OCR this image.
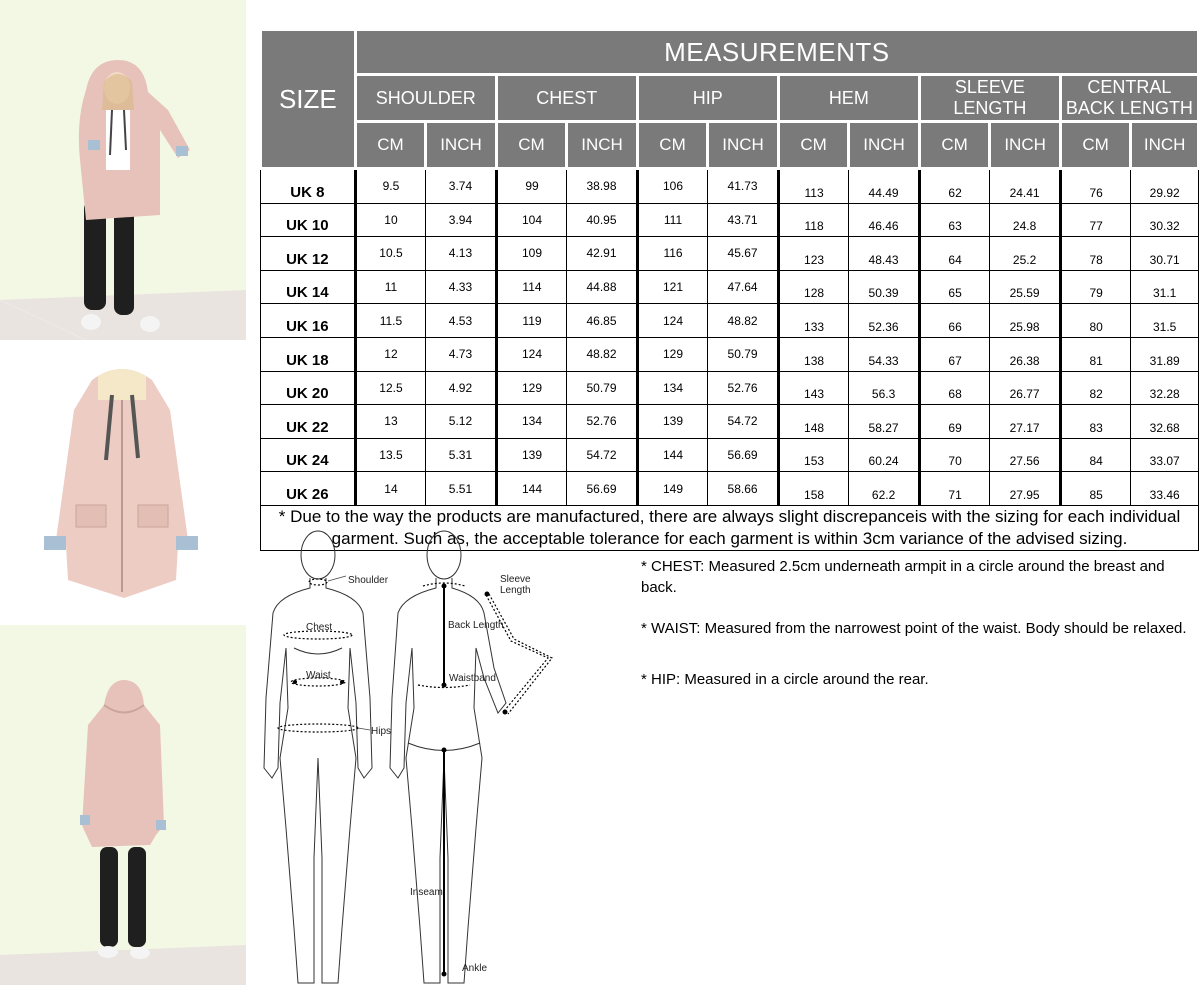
SIZE	MEASUREMENTS											
	SHOULDER		CHEST		HIP		HEM		SLEEVE LENGTH		CENTRAL
BACK LENGTH	
	CM	INCH	CM	INCH	CM	INCH	CM	INCH	CM	INCH	CM	INCH
UK 8	9.5	3.74	99	38.98	106	41.73	113	44.49	62	24.41	76	29.92
UK 10	10	3.94	104	40.95	111	43.71	118	46.46	63	24.8	77	30.32
UK 12	10.5	4.13	109	42.91	116	45.67	123	48.43	64	25.2	78	30.71
UK 14	11	4.33	114	44.88	121	47.64	128	50.39	65	25.59	79	31.1
UK 16	11.5	4.53	119	46.85	124	48.82	133	52.36	66	25.98	80	31.5
UK 18	12	4.73	124	48.82	129	50.79	138	54.33	67	26.38	81	31.89
UK 20	12.5	4.92	129	50.79	134	52.76	143	56.3	68	26.77	82	32.28
UK 22	13	5.12	134	52.76	139	54.72	148	58.27	69	27.17	83	32.68
UK 24	13.5	5.31	139	54.72	144	56.69	153	60.24	70	27.56	84	33.07
UK 26	14	5.51	144	56.69	149	58.66	158	62.2	71	27.95	85	33.46
* Due to the way the products are manufactured, there are always slight discrepanceis with the sizing for each individual garment. Such as, the acceptable tolerance for each garment is within 3cm variance of the advised sizing.												
Shoulder
Chest
Waist
Hips
Sleeve
Length
Back Length
Waistband
Inseam
Ankle

* CHEST: Measured 2.5cm underneath armpit in a circle around the breast and back.

* WAIST: Measured from the narrowest point of the waist. Body should be relaxed.

* HIP: Measured in a circle around the rear.
